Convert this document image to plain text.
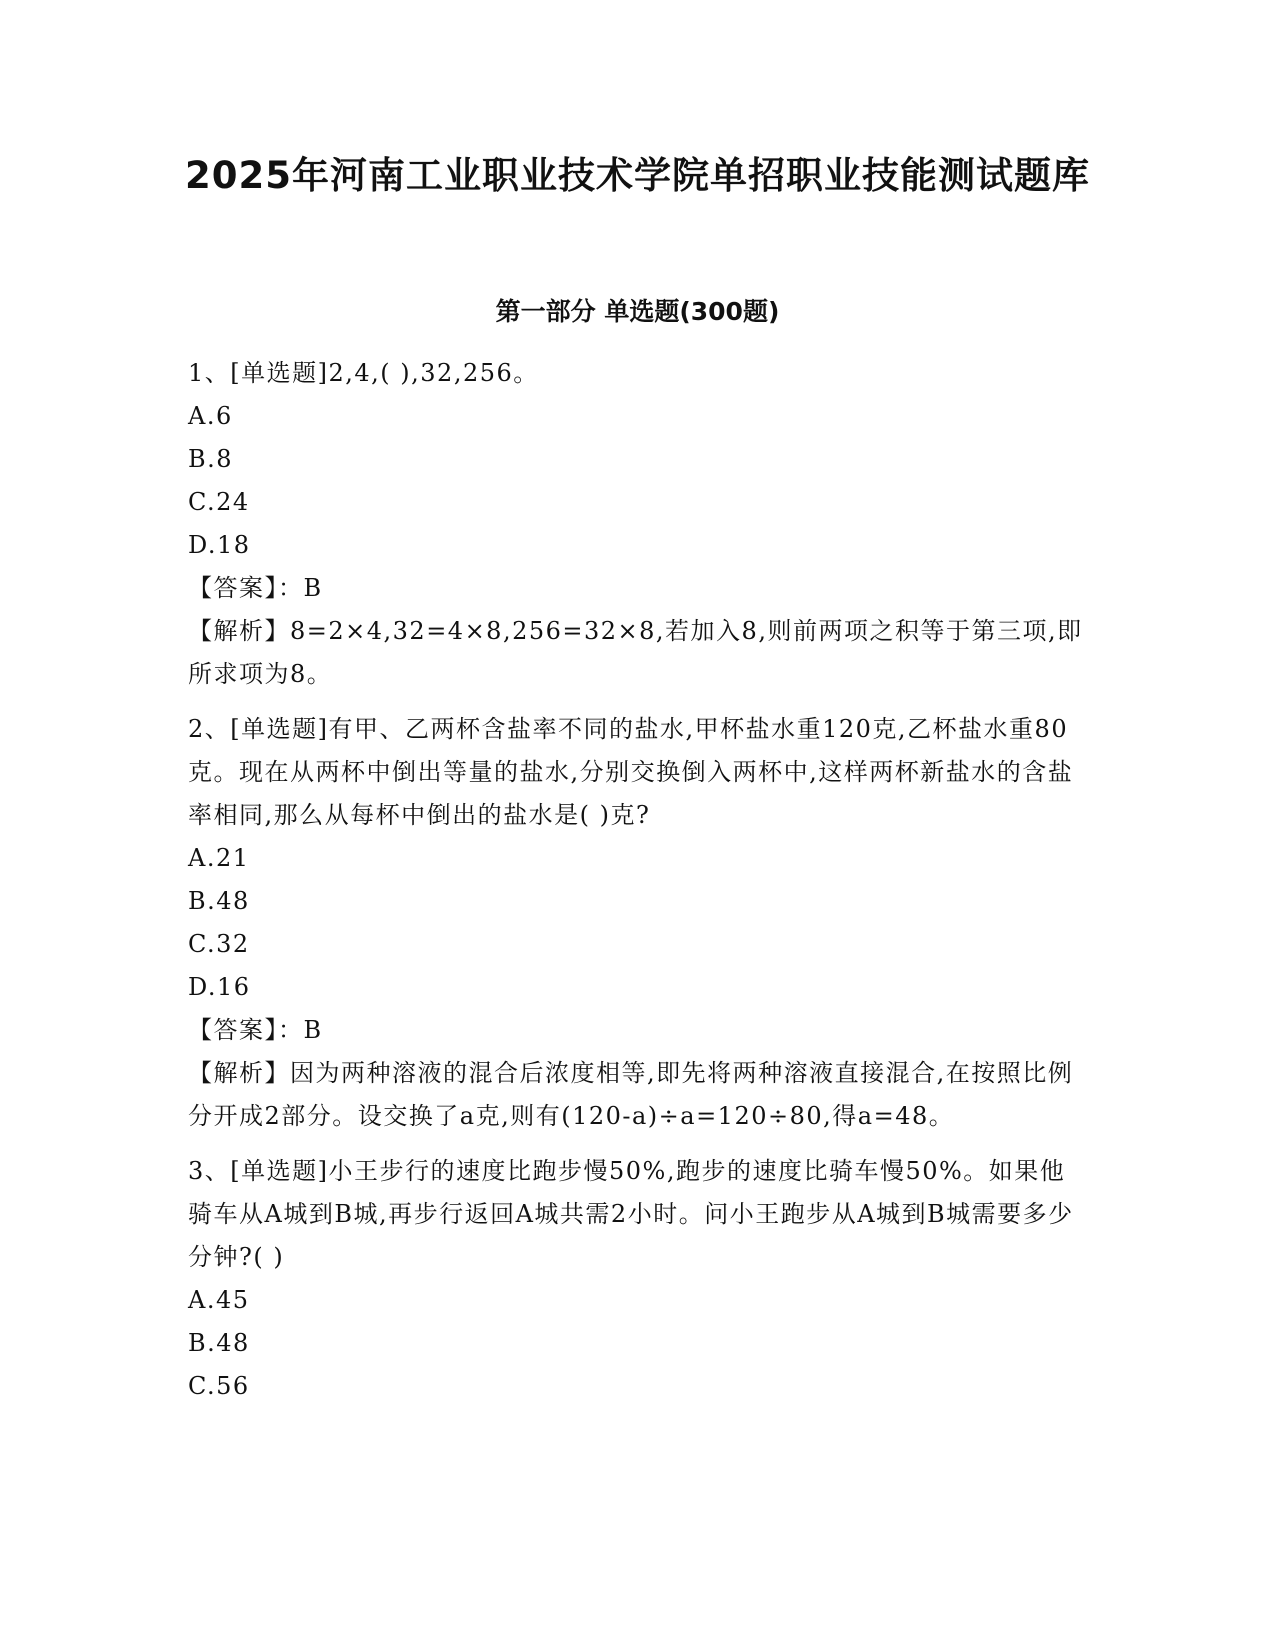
2025年河南工业职业技术学院单招职业技能测试题库
第一部分 单选题(300题)

1、[单选题]2,4,( ),32,256。

A.6

B.8

C.24

D.18

【答案】：B

【解析】8=2×4,32=4×8,256=32×8,若加入8,则前两项之积等于第三项,即所求项为8。

2、[单选题]有甲、乙两杯含盐率不同的盐水,甲杯盐水重120克,乙杯盐水重80克。现在从两杯中倒出等量的盐水,分别交换倒入两杯中,这样两杯新盐水的含盐率相同,那么从每杯中倒出的盐水是( )克?

A.21

B.48

C.32

D.16

【答案】：B

【解析】因为两种溶液的混合后浓度相等,即先将两种溶液直接混合,在按照比例分开成2部分。设交换了a克,则有(120-a)÷a=120÷80,得a=48。

3、[单选题]小王步行的速度比跑步慢50%,跑步的速度比骑车慢50%。如果他骑车从A城到B城,再步行返回A城共需2小时。问小王跑步从A城到B城需要多少分钟?( )

A.45

B.48

C.56
